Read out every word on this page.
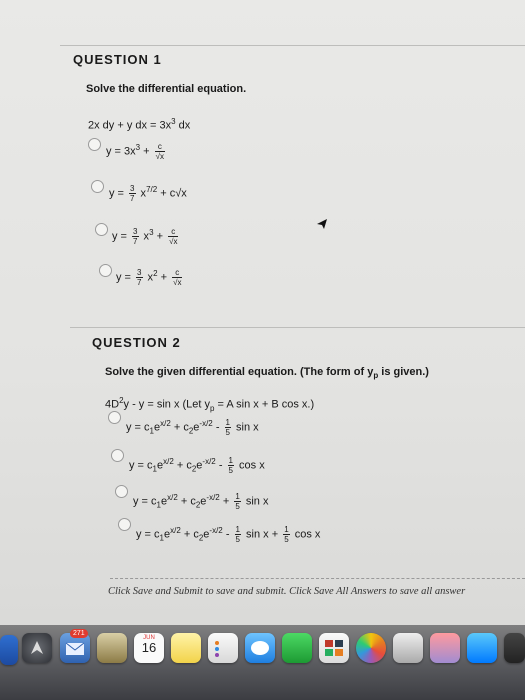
QUESTION 1
Solve the differential equation.
2x dy + y dx = $3x^3$ dx
$y = 3x^3 + \frac{c}{√x}$
$y = \frac{3}{7} x^{7/2} + c√x$
$y = \frac{3}{7} x^3 + \frac{c}{√x}$
$y = \frac{3}{7} x^2 + \frac{c}{√x}$
QUESTION 2
Solve the given differential equation. (The form of $y_p$ is given.)
$4D^2y - y = \sin x$ (Let $y_p = A$ sin x + B cos x.)
$y = c_1e^{x/2} + c_2e^{-x/2} - \frac{1}{5}$ sin x
$y = c_1e^{x/2} + c_2e^{-x/2} - \frac{1}{5}$ cos x
$y = c_1e^{x/2} + c_2e^{-x/2} + \frac{1}{5}$ sin x
$y = c_1e^{x/2} + c_2e^{-x/2} - \frac{1}{5}$ $\sin x + \frac{1}{5}$ cos x
Click Save and Submit to save and submit. Click Save All Answers to save all answer
271
JUN
16
